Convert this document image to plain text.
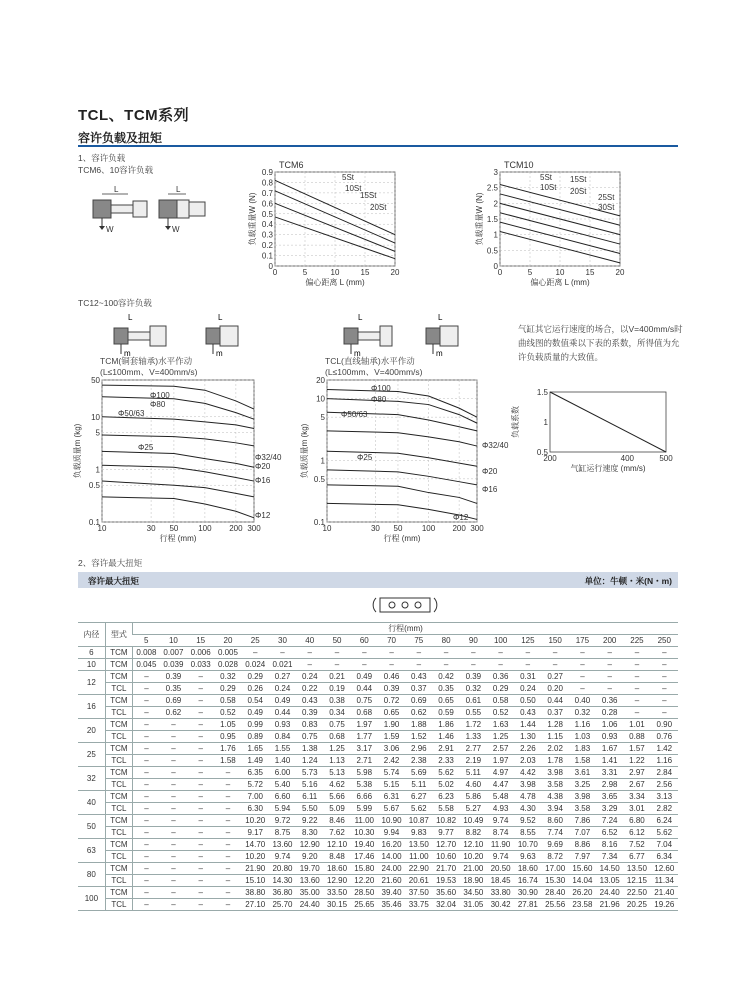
TCL、TCM系列
容许负载及扭矩
1、容许负载
TCM6、10容许负载
TC12~100容许负载
L
W
L
W
0	5	10	15	20
0
0.1
0.2
0.3
0.4
0.5
0.6
0.7
0.8
0.9
偏心距离 L (mm)
负载重量W (N)
TCM6
5St
10St
15St
20St
0	5	10	15	20
0
0.5
1
1.5
2
2.5
3
偏心距离 L (mm)
负载重量W (N)
TCM10
5St
10St
15St
20St
25St
30St
m
L
m
L
m
L
m
L
TCM(铜套轴承)水平作动
(L≤100mm、V=400mm/s)
TCL(直线轴承)水平作动
(L≤100mm、V=400mm/s)
10	30 50 100 200 300
0.1
0.5
1
5
10
50
行程 (mm)
负载质量m (kg)
Φ100
Φ80
Φ50/63
Φ32/40
Φ25
Φ20
Φ16
Φ12
10	30 50 100 200 300
0.1
0.5
1
5
10
20
行程 (mm)
负载质量m (kg)
Φ100
Φ80
Φ50/63
Φ32/40
Φ25
Φ20
Φ16
Φ12
气缸其它运行速度的场合，以V=400mm/s时曲线图的数值乘以下表的系数，所得值为允许负载质量的大致值。
200	400	500
0.5
1
1.5
气缸运行速度 (mm/s)
负载系数
2、容许最大扭矩
容许最大扭矩	单位：牛顿・米(N・m)
内径	型式	行程(mm)																			
		5	10	15	20	25	30	40	50	60	70	75	80	90	100	125	150	175	200	225	250
6	TCM	0.008	0.007	0.006	0.005	–	–	–	–	–	–	–	–	–	–	–	–	–	–	–	–
10	TCM	0.045	0.039	0.033	0.028	0.024	0.021	–	–	–	–	–	–	–	–	–	–	–	–	–	–
12	TCM	–	0.39	–	0.32	0.29	0.27	0.24	0.21	0.49	0.46	0.43	0.42	0.39	0.36	0.31	0.27	–	–	–	–
	TCL	–	0.35	–	0.29	0.26	0.24	0.22	0.19	0.44	0.39	0.37	0.35	0.32	0.29	0.24	0.20	–	–	–	–
16	TCM	–	0.69	–	0.58	0.54	0.49	0.43	0.38	0.75	0.72	0.69	0.65	0.61	0.58	0.50	0.44	0.40	0.36	–	–
	TCL	–	0.62	–	0.52	0.49	0.44	0.39	0.34	0.68	0.65	0.62	0.59	0.55	0.52	0.43	0.37	0.32	0.28	–	–
20	TCM	–	–	–	1.05	0.99	0.93	0.83	0.75	1.97	1.90	1.88	1.86	1.72	1.63	1.44	1.28	1.16	1.06	1.01	0.90
	TCL	–	–	–	0.95	0.89	0.84	0.75	0.68	1.77	1.59	1.52	1.46	1.33	1.25	1.30	1.15	1.03	0.93	0.88	0.76
25	TCM	–	–	–	1.76	1.65	1.55	1.38	1.25	3.17	3.06	2.96	2.91	2.77	2.57	2.26	2.02	1.83	1.67	1.57	1.42
	TCL	–	–	–	1.58	1.49	1.40	1.24	1.13	2.71	2.42	2.38	2.33	2.19	1.97	2.03	1.78	1.58	1.41	1.22	1.16
32	TCM	–	–	–	–	6.35	6.00	5.73	5.13	5.98	5.74	5.69	5.62	5.11	4.97	4.42	3.98	3.61	3.31	2.97	2.84
	TCL	–	–	–	–	5.72	5.40	5.16	4.62	5.38	5.15	5.11	5.02	4.60	4.47	3.98	3.58	3.25	2.98	2.67	2.56
40	TCM	–	–	–	–	7.00	6.60	6.11	5.66	6.66	6.31	6.27	6.23	5.86	5.48	4.78	4.38	3.98	3.65	3.34	3.13
	TCL	–	–	–	–	6.30	5.94	5.50	5.09	5.99	5.67	5.62	5.58	5.27	4.93	4.30	3.94	3.58	3.29	3.01	2.82
50	TCM	–	–	–	–	10.20	9.72	9.22	8.46	11.00	10.90	10.87	10.82	10.49	9.74	9.52	8.60	7.86	7.24	6.80	6.24
	TCL	–	–	–	–	9.17	8.75	8.30	7.62	10.30	9.94	9.83	9.77	8.82	8.74	8.55	7.74	7.07	6.52	6.12	5.62
63	TCM	–	–	–	–	14.70	13.60	12.90	12.10	19.40	16.20	13.50	12.70	12.10	11.90	10.70	9.69	8.86	8.16	7.52	7.04
	TCL	–	–	–	–	10.20	9.74	9.20	8.48	17.46	14.00	11.00	10.60	10.20	9.74	9.63	8.72	7.97	7.34	6.77	6.34
80	TCM	–	–	–	–	21.90	20.80	19.70	18.60	15.80	24.00	22.90	21.70	21.00	20.50	18.60	17.00	15.60	14.50	13.50	12.60
	TCL	–	–	–	–	15.10	14.30	13.60	12.90	12.20	21.60	20.61	19.53	18.90	18.45	16.74	15.30	14.04	13.05	12.15	11.34
100	TCM	–	–	–	–	38.80	36.80	35.00	33.50	28.50	39.40	37.50	35.60	34.50	33.80	30.90	28.40	26.20	24.40	22.50	21.40
	TCL	–	–	–	–	27.10	25.70	24.40	30.15	25.65	35.46	33.75	32.04	31.05	30.42	27.81	25.56	23.58	21.96	20.25	19.26
